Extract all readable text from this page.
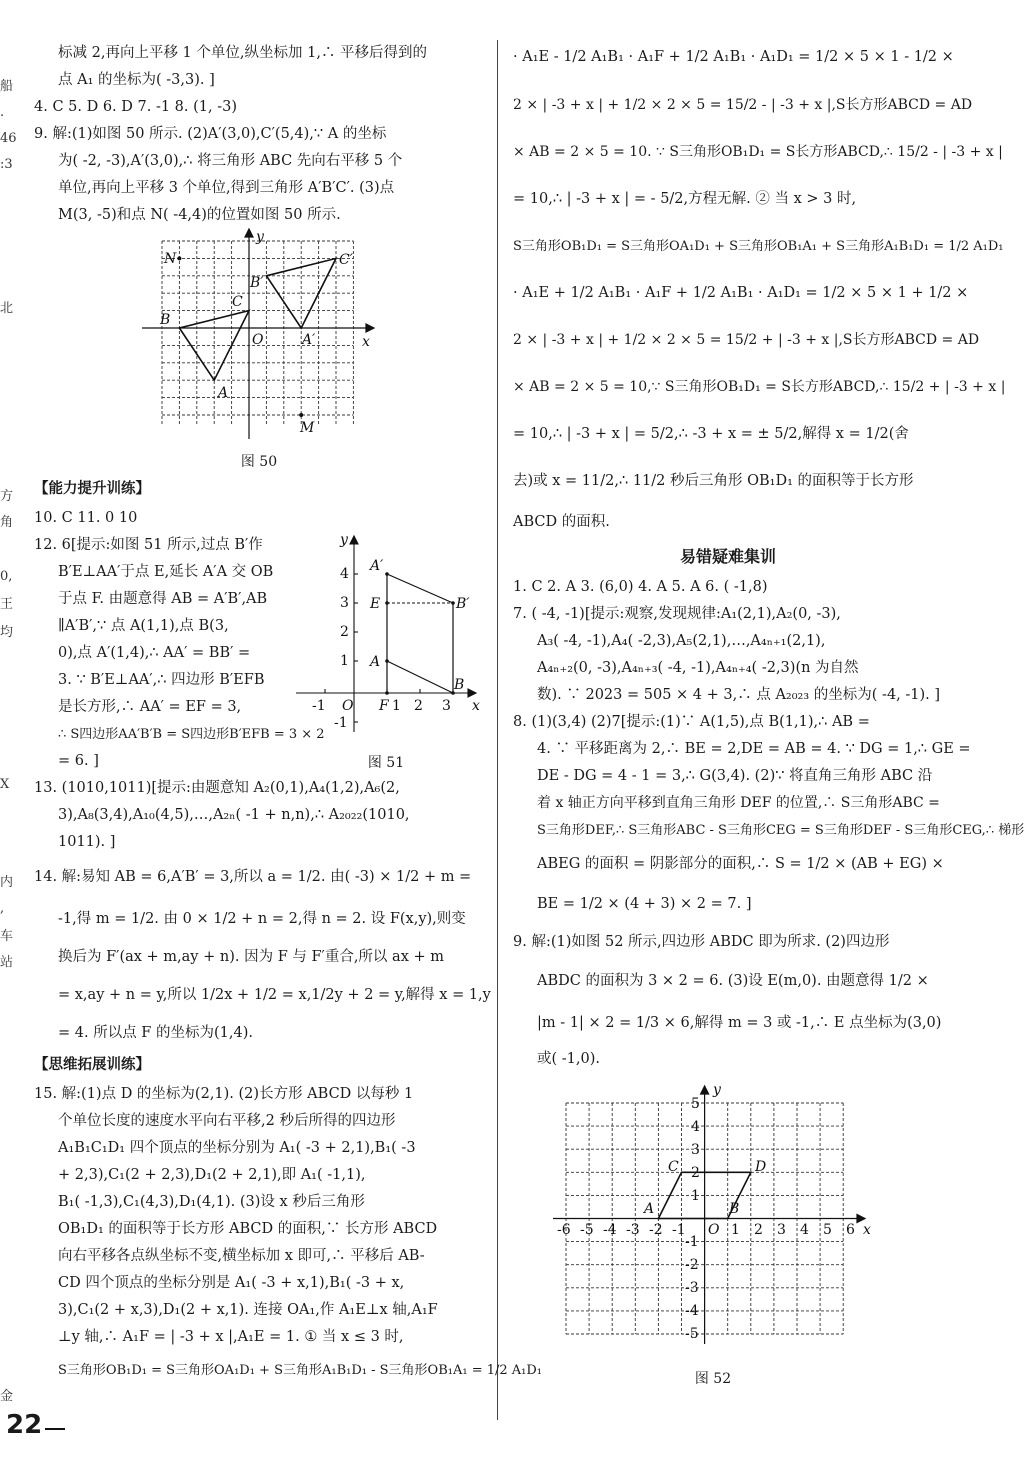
船
.
46
:3
北
方
角
0,
王
均
X
内
,
车
站
金
标减 2,再向上平移 1 个单位,纵坐标加 1,∴ 平移后得到的
点 A₁ 的坐标为( -3,3). ]
4. C 5. D 6. D 7. -1 8. (1, -3)
9. 解:(1)如图 50 所示. (2)A′(3,0),C′(5,4),∵ A 的坐标
为( -2, -3),A′(3,0),∴ 将三角形 ABC 先向右平移 5 个
单位,再向上平移 3 个单位,得到三角形 A′B′C′. (3)点
M(3, -5)和点 N( -4,4)的位置如图 50 所示.
N
B′
C′
C
B
O	A′	x
y
A
M
图 50
【能力提升训练】
10. C 11. 0 10
12. 6[提示:如图 51 所示,过点 B′作
B′E⊥AA′于点 E,延长 A′A 交 OB
于点 F. 由题意得 AB = A′B′,AB
∥A′B′,∵ 点 A(1,1),点 B(3,
0),点 A′(1,4),∴ AA′ = BB′ =
3. ∵ B′E⊥AA′,∴ 四边形 B′EFB
是长方形,∴ AA′ = EF = 3,
∴ S四边形AA′B′B = S四边形B′EFB = 3 × 2
= 6. ]
y
A′
E	B′
A
O F
B
x
4
3
2
1
-1	1 2 3
-1
图 51
13. (1010,1011)[提示:由题意知 A₂(0,1),A₄(1,2),A₆(2,
3),A₈(3,4),A₁₀(4,5),…,A₂ₙ( -1 + n,n),∴ A₂₀₂₂(1010,
1011). ]
14. 解:易知 AB = 6,A′B′ = 3,所以 a = 1/2. 由( -3) × 1/2 + m =
-1,得 m = 1/2. 由 0 × 1/2 + n = 2,得 n = 2. 设 F(x,y),则变
换后为 F′(ax + m,ay + n). 因为 F 与 F′重合,所以 ax + m
= x,ay + n = y,所以 1/2x + 1/2 = x,1/2y + 2 = y,解得 x = 1,y
= 4. 所以点 F 的坐标为(1,4).
【思维拓展训练】
15. 解:(1)点 D 的坐标为(2,1). (2)长方形 ABCD 以每秒 1
个单位长度的速度水平向右平移,2 秒后所得的四边形
A₁B₁C₁D₁ 四个顶点的坐标分别为 A₁( -3 + 2,1),B₁( -3
+ 2,3),C₁(2 + 2,3),D₁(2 + 2,1),即 A₁( -1,1),
B₁( -1,3),C₁(4,3),D₁(4,1). (3)设 x 秒后三角形
OB₁D₁ 的面积等于长方形 ABCD 的面积,∵ 长方形 ABCD
向右平移各点纵坐标不变,横坐标加 x 即可,∴ 平移后 AB-
CD 四个顶点的坐标分别是 A₁( -3 + x,1),B₁( -3 + x,
3),C₁(2 + x,3),D₁(2 + x,1). 连接 OA₁,作 A₁E⊥x 轴,A₁F
⊥y 轴,∴ A₁F = | -3 + x |,A₁E = 1. ① 当 x ≤ 3 时,
S三角形OB₁D₁ = S三角形OA₁D₁ + S三角形A₁B₁D₁ - S三角形OB₁A₁ = 1/2 A₁D₁
· A₁E - 1/2 A₁B₁ · A₁F + 1/2 A₁B₁ · A₁D₁ = 1/2 × 5 × 1 - 1/2 ×
2 × | -3 + x | + 1/2 × 2 × 5 = 15/2 - | -3 + x |,S长方形ABCD = AD
× AB = 2 × 5 = 10. ∵ S三角形OB₁D₁ = S长方形ABCD,∴ 15/2 - | -3 + x |
= 10,∴ | -3 + x | = - 5/2,方程无解. ② 当 x > 3 时,
S三角形OB₁D₁ = S三角形OA₁D₁ + S三角形OB₁A₁ + S三角形A₁B₁D₁ = 1/2 A₁D₁
· A₁E + 1/2 A₁B₁ · A₁F + 1/2 A₁B₁ · A₁D₁ = 1/2 × 5 × 1 + 1/2 ×
2 × | -3 + x | + 1/2 × 2 × 5 = 15/2 + | -3 + x |,S长方形ABCD = AD
× AB = 2 × 5 = 10,∵ S三角形OB₁D₁ = S长方形ABCD,∴ 15/2 + | -3 + x |
= 10,∴ | -3 + x | = 5/2,∴ -3 + x = ± 5/2,解得 x = 1/2(舍
去)或 x = 11/2,∴ 11/2 秒后三角形 OB₁D₁ 的面积等于长方形
ABCD 的面积.
易错疑难集训
1. C 2. A 3. (6,0) 4. A 5. A 6. ( -1,8)
7. ( -4, -1)[提示:观察,发现规律:A₁(2,1),A₂(0, -3),
A₃( -4, -1),A₄( -2,3),A₅(2,1),…,A₄ₙ₊₁(2,1),
A₄ₙ₊₂(0, -3),A₄ₙ₊₃( -4, -1),A₄ₙ₊₄( -2,3)(n 为自然
数). ∵ 2023 = 505 × 4 + 3,∴ 点 A₂₀₂₃ 的坐标为( -4, -1). ]
8. (1)(3,4) (2)7[提示:(1)∵ A(1,5),点 B(1,1),∴ AB =
4. ∵ 平移距离为 2,∴ BE = 2,DE = AB = 4. ∵ DG = 1,∴ GE =
DE - DG = 4 - 1 = 3,∴ G(3,4). (2)∵ 将直角三角形 ABC 沿
着 x 轴正方向平移到直角三角形 DEF 的位置,∴ S三角形ABC =
S三角形DEF,∴ S三角形ABC - S三角形CEG = S三角形DEF - S三角形CEG,∴ 梯形
ABEG 的面积 = 阴影部分的面积,∴ S = 1/2 × (AB + EG) ×
BE = 1/2 × (4 + 3) × 2 = 7. ]
9. 解:(1)如图 52 所示,四边形 ABDC 即为所求. (2)四边形
ABDC 的面积为 3 × 2 = 6. (3)设 E(m,0). 由题意得 1/2 ×
|m - 1| × 2 = 1/3 × 6,解得 m = 3 或 -1,∴ E 点坐标为(3,0)
或( -1,0).
-6 -5 -4 -3 -2 -1	1 2 3 4 5 6
5
4
3
2
1
-1
-2
-3
-4
-5
A	B
C	D
O	x
y
图 52
22
